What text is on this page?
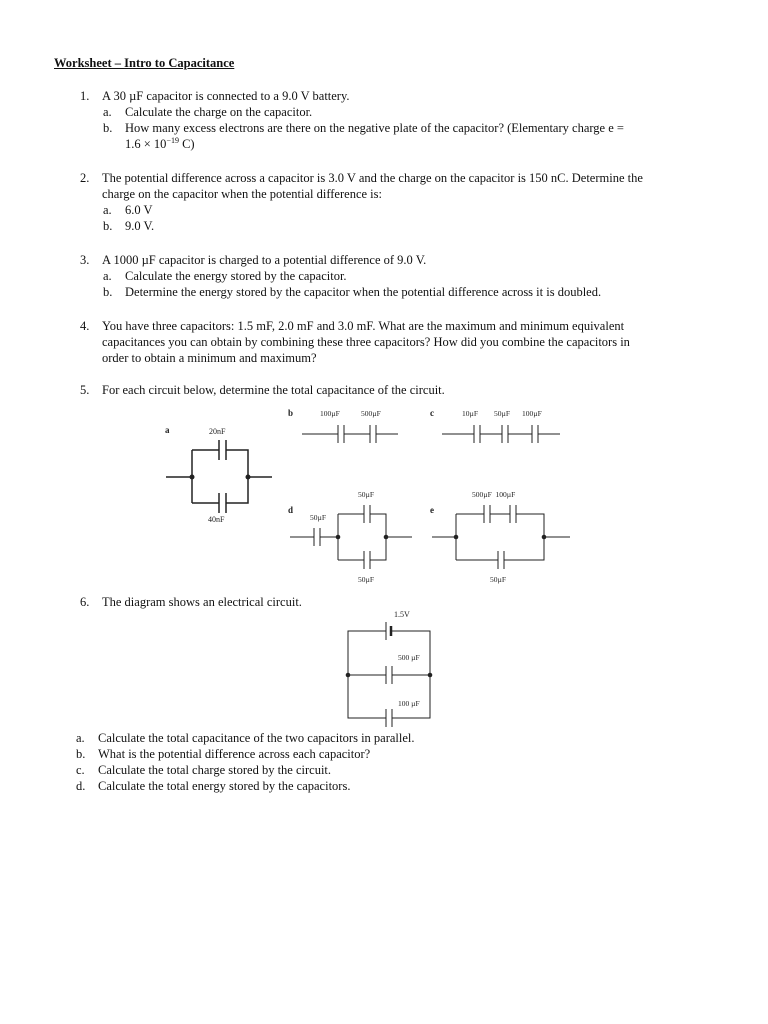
Worksheet – Intro to Capacitance
1.	A 30 µF capacitor is connected to a 9.0 V battery.
a. Calculate the charge on the capacitor.
b. How many excess electrons are there on the negative plate of the capacitor? (Elementary charge e =
$1.6 \times 10^{-19}$ C)
2.	The potential difference across a capacitor is 3.0 V and the charge on the capacitor is 150 nC. Determine the
charge on the capacitor when the potential difference is:
a. 6.0 V
b. 9.0 V.
3.	A 1000 µF capacitor is charged to a potential difference of 9.0 V.
a. Calculate the energy stored by the capacitor.
b. Determine the energy stored by the capacitor when the potential difference across it is doubled.
4.	You have three capacitors: 1.5 mF, 2.0 mF and 3.0 mF. What are the maximum and minimum equivalent
capacitances you can obtain by combining these three capacitors? How did you combine the capacitors in
order to obtain a minimum and maximum?
5.	For each circuit below, determine the total capacitance of the circuit.
a	20nF
40nF
b	100µF	500µF	c	10µF 50µF 100µF
d
50µF
50µF
50µF
e
500µF  100µF
50µF
1.5V
500 µF
100 µF
6.	The diagram shows an electrical circuit.
a. Calculate the total capacitance of the two capacitors in parallel.
b. What is the potential difference across each capacitor?
c. Calculate the total charge stored by the circuit.
d. Calculate the total energy stored by the capacitors.
